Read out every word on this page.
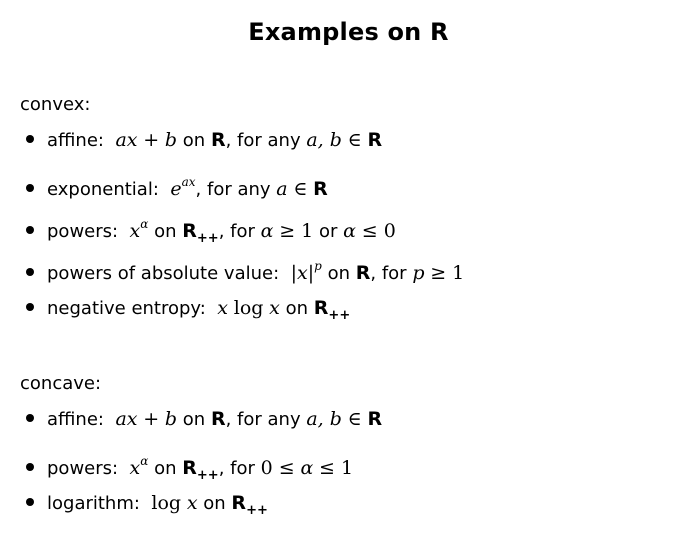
Examples on R
convex:
affine: ax + b on R, for any a, b ∈ R
exponential: $e^{ax}$, for any a ∈ R
powers: $x^\alpha$ on $R_{++}$, for α ≥ 1 or α ≤ 0
powers of absolute value: $|x|^p$ on R, for p ≥ 1
negative entropy: x log x on $R_{++}$
concave:
affine: ax + b on R, for any a, b ∈ R
powers: $x^\alpha$ on $R_{++}$, for 0 ≤ α ≤ 1
logarithm: log x on $R_{++}$
